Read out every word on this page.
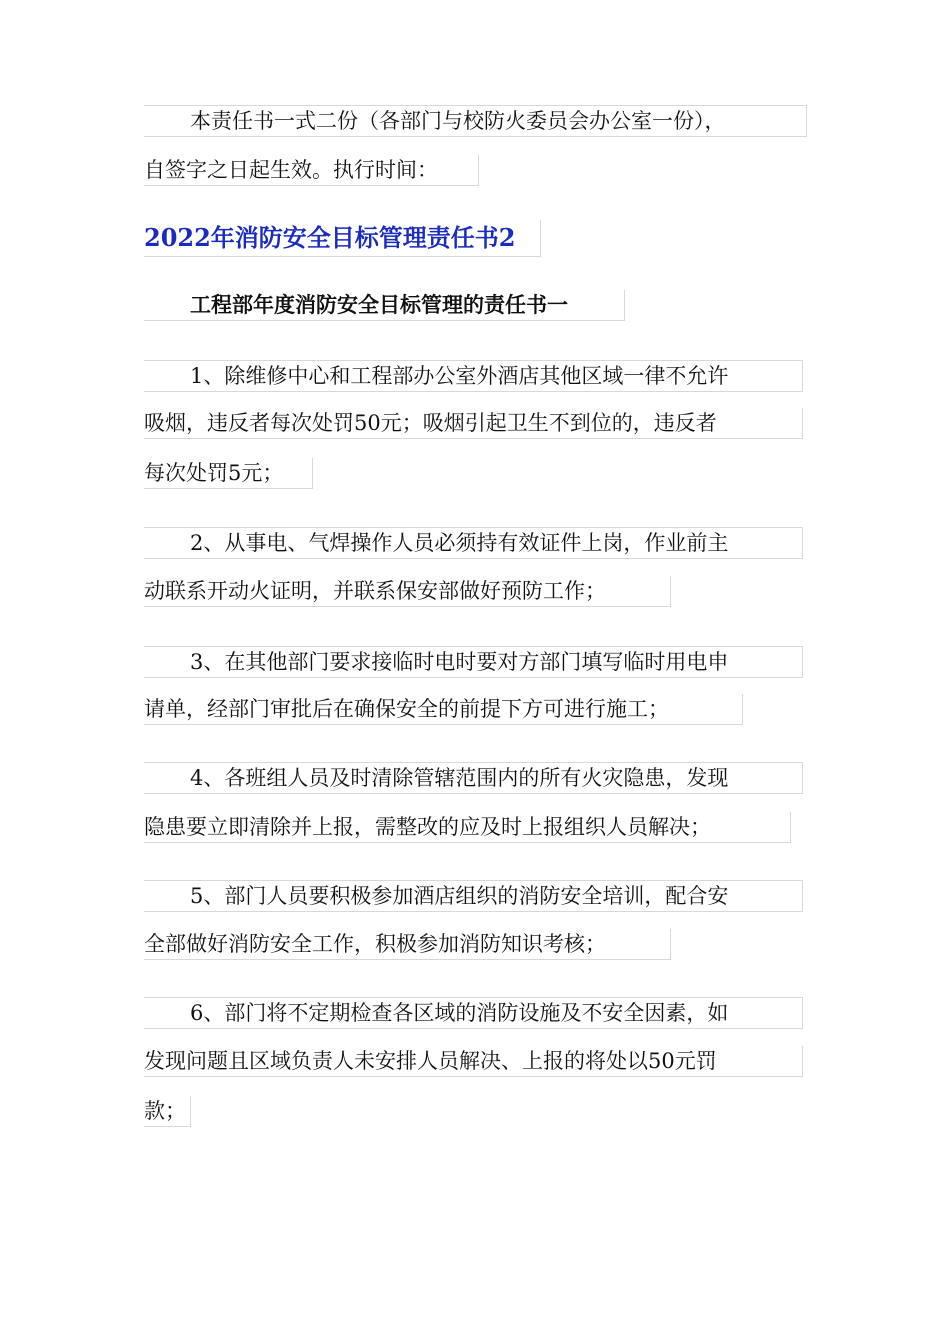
本责任书一式二份（各部门与校防火委员会办公室一份），
自签字之日起生效。执行时间：
2022年消防安全目标管理责任书2
工程部年度消防安全目标管理的责任书一
1、除维修中心和工程部办公室外酒店其他区域一律不允许
吸烟，违反者每次处罚50元；吸烟引起卫生不到位的，违反者
每次处罚5元；
2、从事电、气焊操作人员必须持有效证件上岗，作业前主
动联系开动火证明，并联系保安部做好预防工作；
3、在其他部门要求接临时电时要对方部门填写临时用电申
请单，经部门审批后在确保安全的前提下方可进行施工；
4、各班组人员及时清除管辖范围内的所有火灾隐患，发现
隐患要立即清除并上报，需整改的应及时上报组织人员解决；
5、部门人员要积极参加酒店组织的消防安全培训，配合安
全部做好消防安全工作，积极参加消防知识考核；
6、部门将不定期检查各区域的消防设施及不安全因素，如
发现问题且区域负责人未安排人员解决、上报的将处以50元罚
款；
